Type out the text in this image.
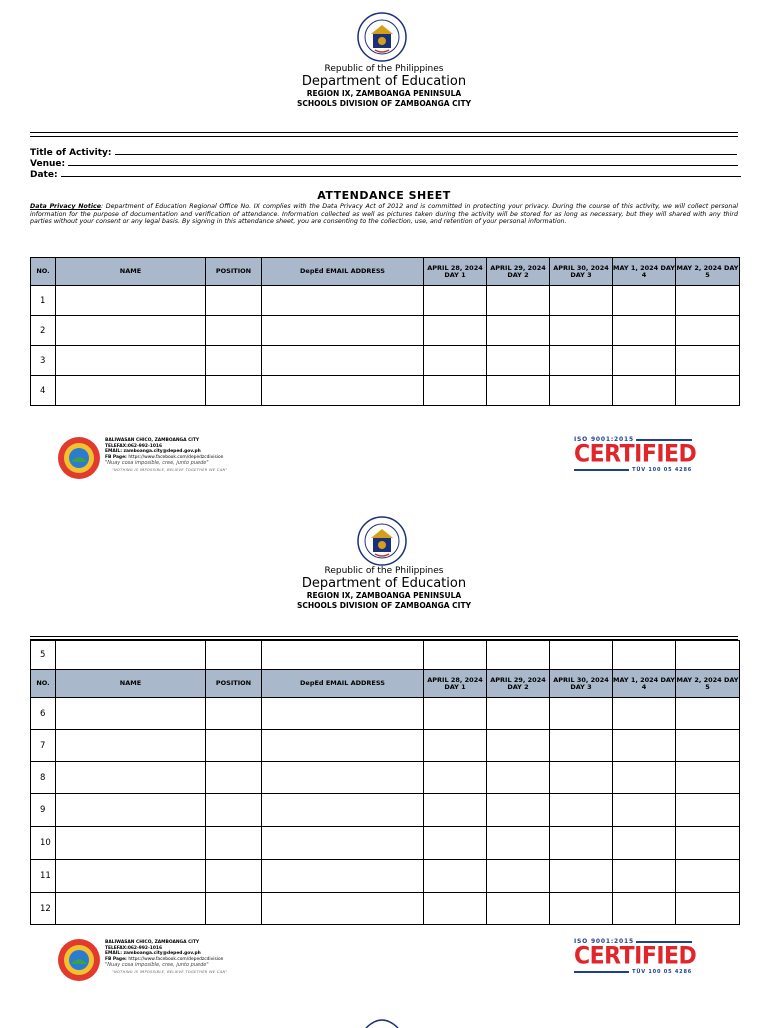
Republic of the Philippines
Department of Education
REGION IX, ZAMBOANGA PENINSULA
SCHOOLS DIVISION OF ZAMBOANGA CITY
Title of Activity:
Venue:
Date:
ATTENDANCE SHEET
Data Privacy Notice: Department of Education Regional Office No. IX complies with the Data Privacy Act of 2012 and is committed in protecting your privacy. During the course of this activity, we will collect personal information for the purpose of documentation and verification of attendance. Information collected as well as pictures taken during the activity will be stored for as long as necessary, but they will shared with any third parties without your consent or any legal basis. By signing in this attendance sheet, you are consenting to the collection, use, and retention of your personal information.
NO.	NAME	POSITION	DepEd EMAIL ADDRESS	APRIL 28, 2024 DAY 1	APRIL 29, 2024 DAY 2	APRIL 30, 2024 DAY 3	MAY 1, 2024 DAY 4	MAY 2, 2024 DAY 5
1								
2								
3								
4								
BALIWASAN CHICO, ZAMBOANGA CITY
TELEFAX:062-992-1016
EMAIL: zamboanga.city@deped.gov.ph
FB Page: https://www.facebook.com/depedzcdivision
"Nuay cosa imposible, cree, junto puede"
"NOTHING IS IMPOSSIBLE, BELIEVE TOGETHER WE CAN"
ISO 9001:2015
CERTIFIED
TÜV 100 05 4286
Republic of the Philippines
Department of Education
REGION IX, ZAMBOANGA PENINSULA
SCHOOLS DIVISION OF ZAMBOANGA CITY
5								
NO.	NAME	POSITION	DepEd EMAIL ADDRESS	APRIL 28, 2024 DAY 1	APRIL 29, 2024 DAY 2	APRIL 30, 2024 DAY 3	MAY 1, 2024 DAY 4	MAY 2, 2024 DAY 5
6								
7								
8								
9								
10								
11								
12								
BALIWASAN CHICO, ZAMBOANGA CITY
TELEFAX:062-992-1016
EMAIL: zamboanga.city@deped.gov.ph
FB Page: https://www.facebook.com/depedzcdivision
"Nuay cosa imposible, cree, junto puede"
"NOTHING IS IMPOSSIBLE, BELIEVE TOGETHER WE CAN"
ISO 9001:2015
CERTIFIED
TÜV 100 05 4286
